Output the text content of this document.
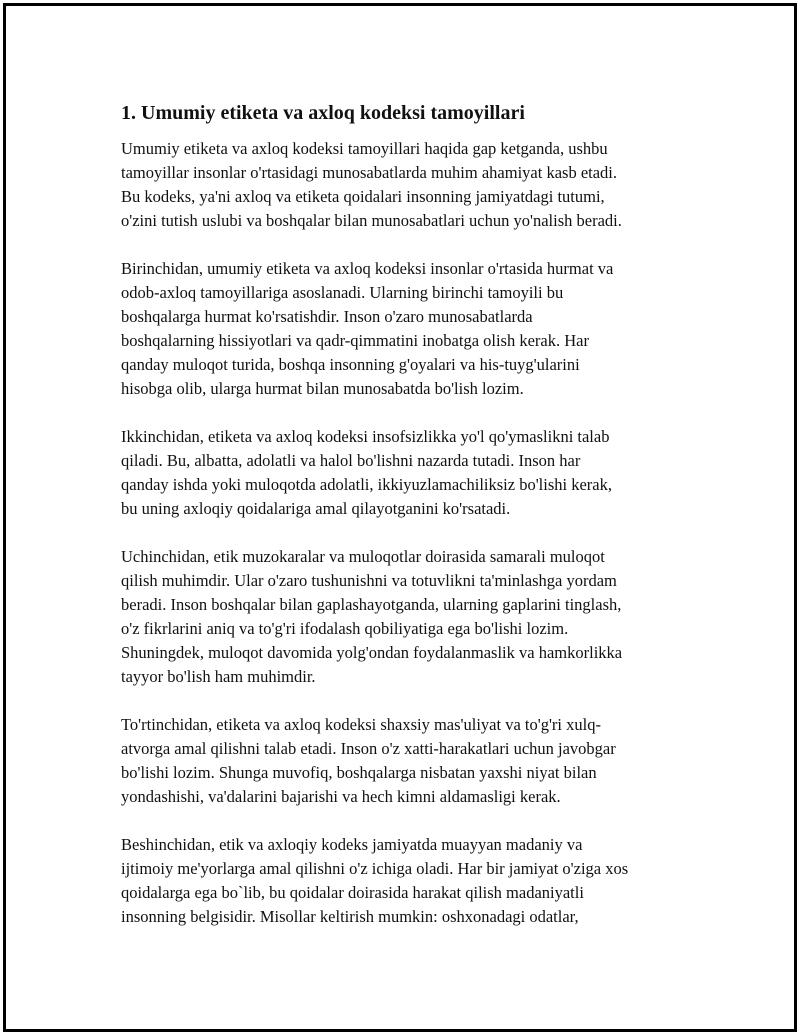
1. Umumiy etiketa va axloq kodeksi tamoyillari

Umumiy etiketa va axloq kodeksi tamoyillari haqida gap ketganda, ushbu
tamoyillar insonlar o'rtasidagi munosabatlarda muhim ahamiyat kasb etadi.
Bu kodeks, ya'ni axloq va etiketa qoidalari insonning jamiyatdagi tutumi,
o'zini tutish uslubi va boshqalar bilan munosabatlari uchun yo'nalish beradi.

Birinchidan, umumiy etiketa va axloq kodeksi insonlar o'rtasida hurmat va
odob-axloq tamoyillariga asoslanadi. Ularning birinchi tamoyili bu
boshqalarga hurmat ko'rsatishdir. Inson o'zaro munosabatlarda
boshqalarning hissiyotlari va qadr-qimmatini inobatga olish kerak. Har
qanday muloqot turida, boshqa insonning g'oyalari va his-tuyg'ularini
hisobga olib, ularga hurmat bilan munosabatda bo'lish lozim.

Ikkinchidan, etiketa va axloq kodeksi insofsizlikka yo'l qo'ymaslikni talab
qiladi. Bu, albatta, adolatli va halol bo'lishni nazarda tutadi. Inson har
qanday ishda yoki muloqotda adolatli, ikkiyuzlamachiliksiz bo'lishi kerak,
bu uning axloqiy qoidalariga amal qilayotganini ko'rsatadi.

Uchinchidan, etik muzokaralar va muloqotlar doirasida samarali muloqot
qilish muhimdir. Ular o'zaro tushunishni va totuvlikni ta'minlashga yordam
beradi. Inson boshqalar bilan gaplashayotganda, ularning gaplarini tinglash,
o'z fikrlarini aniq va to'g'ri ifodalash qobiliyatiga ega bo'lishi lozim.
Shuningdek, muloqot davomida yolg'ondan foydalanmaslik va hamkorlikka
tayyor bo'lish ham muhimdir.

To'rtinchidan, etiketa va axloq kodeksi shaxsiy mas'uliyat va to'g'ri xulq-
atvorga amal qilishni talab etadi. Inson o'z xatti-harakatlari uchun javobgar
bo'lishi lozim. Shunga muvofiq, boshqalarga nisbatan yaxshi niyat bilan
yondashishi, va'dalarini bajarishi va hech kimni aldamasligi kerak.

Beshinchidan, etik va axloqiy kodeks jamiyatda muayyan madaniy va
ijtimoiy me'yorlarga amal qilishni o'z ichiga oladi. Har bir jamiyat o'ziga xos
qoidalarga ega bo`lib, bu qoidalar doirasida harakat qilish madaniyatli
insonning belgisidir. Misollar keltirish mumkin: oshxonadagi odatlar,
